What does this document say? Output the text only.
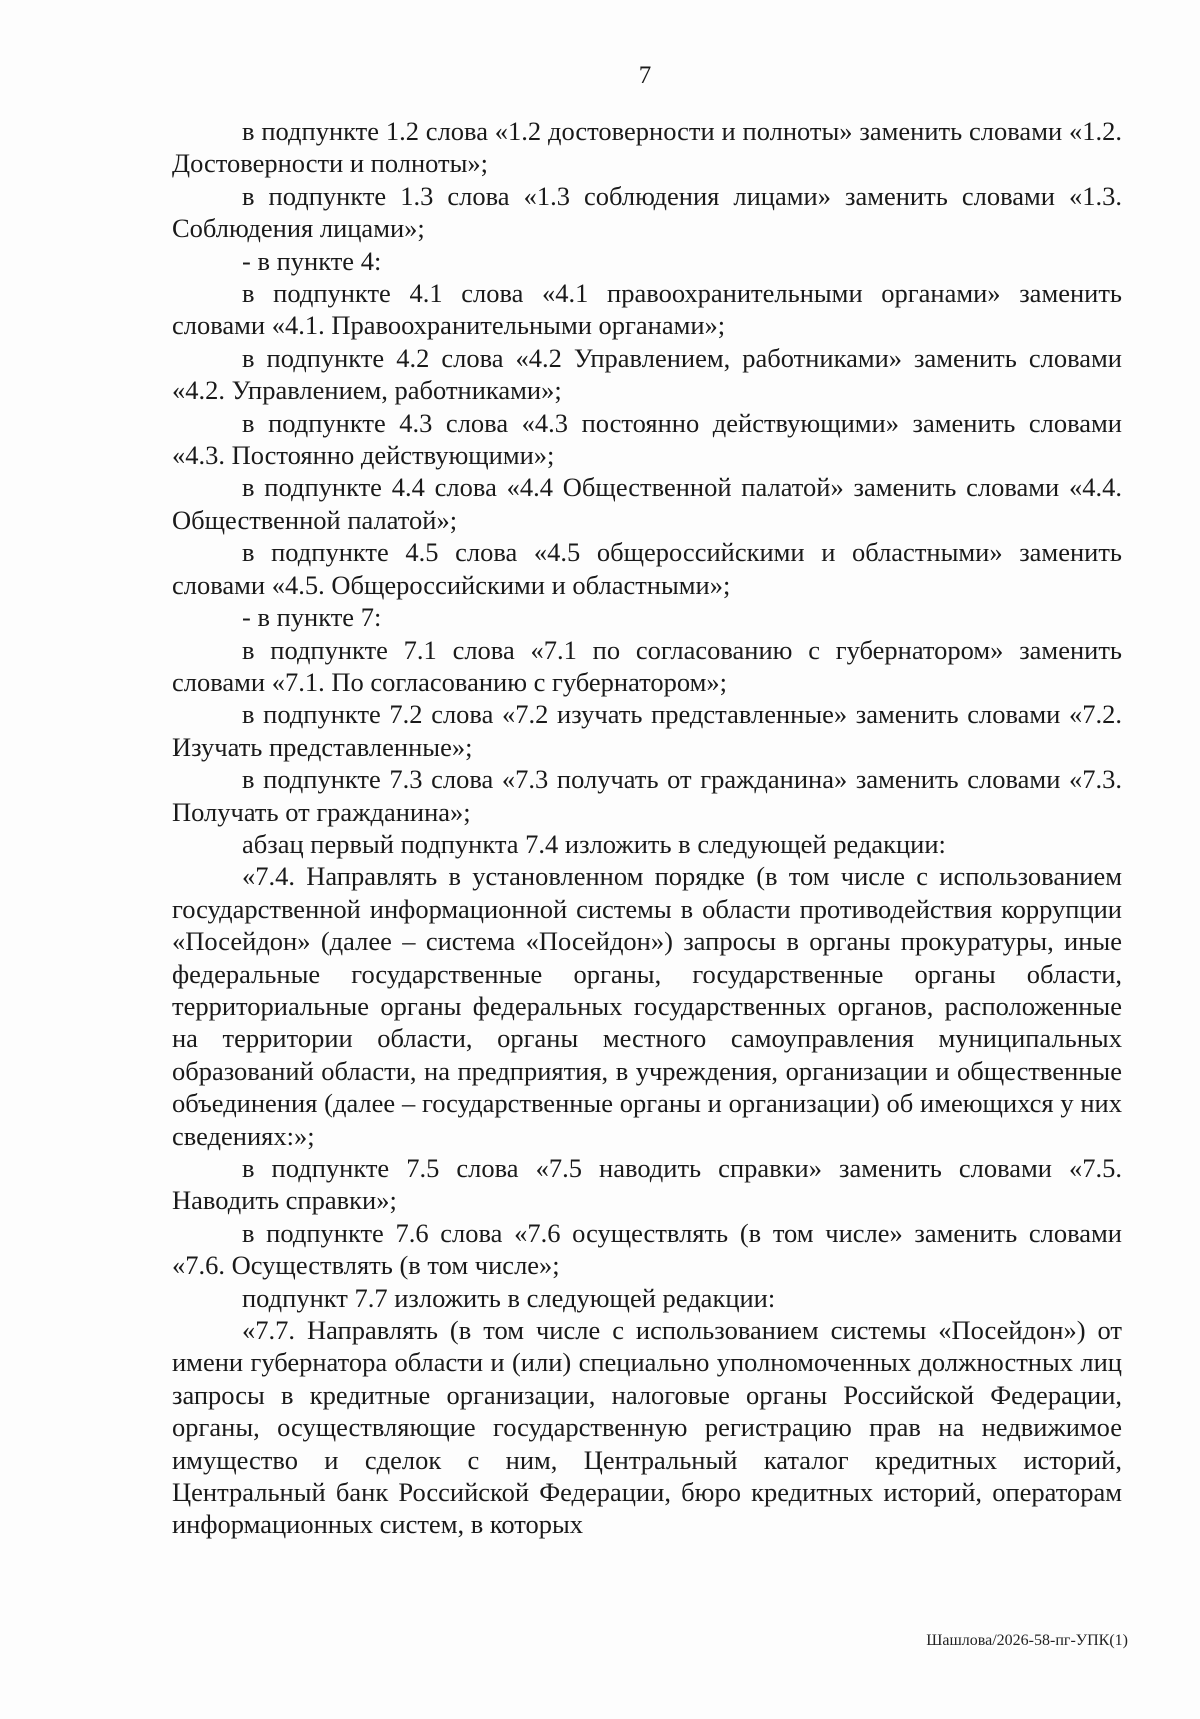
7

в подпункте 1.2 слова «1.2 достоверности и полноты» заменить словами «1.2. Достоверности и полноты»;

в подпункте 1.3 слова «1.3 соблюдения лицами» заменить словами «1.3. Соблюдения лицами»;

- в пункте 4:

в подпункте 4.1 слова «4.1 правоохранительными органами» заменить словами «4.1. Правоохранительными органами»;

в подпункте 4.2 слова «4.2 Управлением, работниками» заменить словами «4.2. Управлением, работниками»;

в подпункте 4.3 слова «4.3 постоянно действующими» заменить словами «4.3. Постоянно действующими»;

в подпункте 4.4 слова «4.4 Общественной палатой» заменить словами «4.4. Общественной палатой»;

в подпункте 4.5 слова «4.5 общероссийскими и областными» заменить словами «4.5. Общероссийскими и областными»;

- в пункте 7:

в подпункте 7.1 слова «7.1 по согласованию с губернатором» заменить словами «7.1. По согласованию с губернатором»;

в подпункте 7.2 слова «7.2 изучать представленные» заменить словами «7.2. Изучать представленные»;

в подпункте 7.3 слова «7.3 получать от гражданина» заменить словами «7.3. Получать от гражданина»;

абзац первый подпункта 7.4 изложить в следующей редакции:

«7.4. Направлять в установленном порядке (в том числе с использованием государственной информационной системы в области противодействия коррупции «Посейдон» (далее – система «Посейдон») запросы в органы прокуратуры, иные федеральные государственные органы, государственные органы области, территориальные органы федеральных государственных органов, расположенные на территории области, органы местного самоуправления муниципальных образований области, на предприятия, в учреждения, организации и общественные объединения (далее – государственные органы и организации) об имеющихся у них сведениях:»;

в подпункте 7.5 слова «7.5 наводить справки» заменить словами «7.5. Наводить справки»;

в подпункте 7.6 слова «7.6 осуществлять (в том числе» заменить словами «7.6. Осуществлять (в том числе»;

подпункт 7.7 изложить в следующей редакции:

«7.7. Направлять (в том числе с использованием системы «Посейдон») от имени губернатора области и (или) специально уполномоченных должностных лиц запросы в кредитные организации, налоговые органы Российской Федерации, органы, осуществляющие государственную регистрацию прав на недвижимое имущество и сделок с ним, Центральный каталог кредитных историй, Центральный банк Российской Федерации, бюро кредитных историй, операторам информационных систем, в которых

Шашлова/2026-58-пг-УПК(1)
